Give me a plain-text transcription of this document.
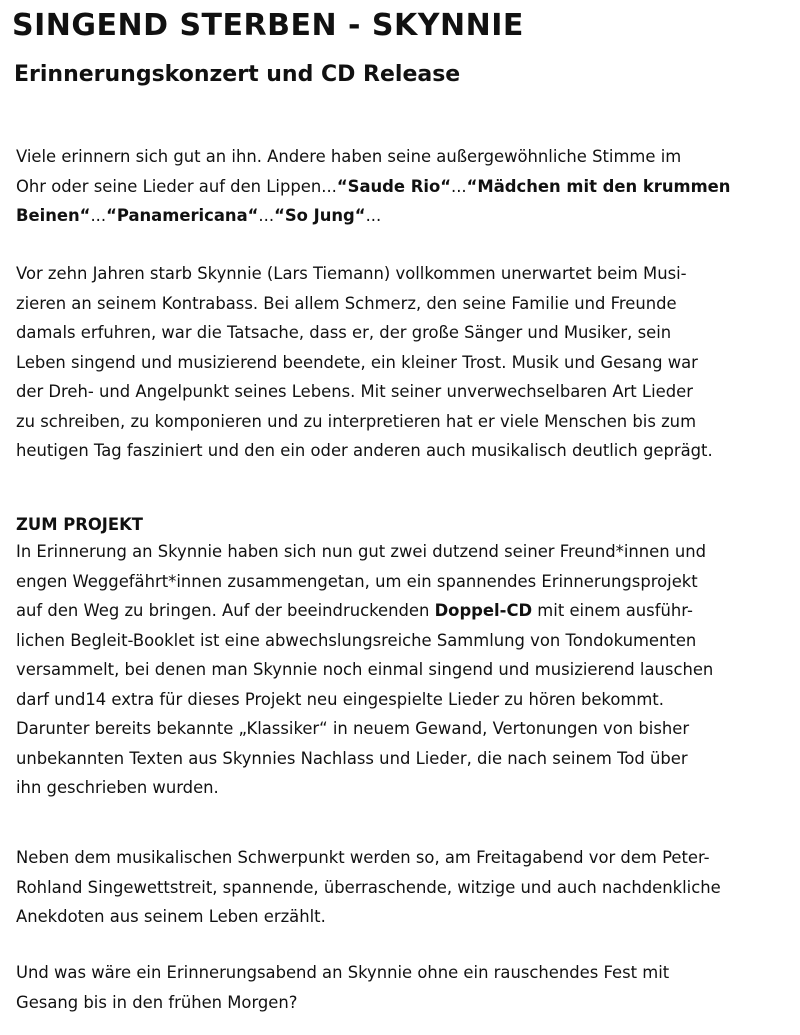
SINGEND STERBEN - SKYNNIE
Erinnerungskonzert und CD Release

Viele erinnern sich gut an ihn. Andere haben seine außergewöhnliche Stimme im
Ohr oder seine Lieder auf den Lippen...“Saude Rio“...“Mädchen mit den krummen
Beinen“...“Panamericana“...“So Jung“...

Vor zehn Jahren starb Skynnie (Lars Tiemann) vollkommen unerwartet beim Musi-
zieren an seinem Kontrabass. Bei allem Schmerz, den seine Familie und Freunde
damals erfuhren, war die Tatsache, dass er, der große Sänger und Musiker, sein
Leben singend und musizierend beendete, ein kleiner Trost. Musik und Gesang war
der Dreh- und Angelpunkt seines Lebens. Mit seiner unverwechselbaren Art Lieder
zu schreiben, zu komponieren und zu interpretieren hat er viele Menschen bis zum
heutigen Tag fasziniert und den ein oder anderen auch musikalisch deutlich geprägt.

ZUM PROJEKT

In Erinnerung an Skynnie haben sich nun gut zwei dutzend seiner Freund*innen und
engen Weggefährt*innen zusammengetan, um ein spannendes Erinnerungsprojekt
auf den Weg zu bringen. Auf der beeindruckenden Doppel-CD mit einem ausführ-
lichen Begleit-Booklet ist eine abwechslungsreiche Sammlung von Tondokumenten
versammelt, bei denen man Skynnie noch einmal singend und musizierend lauschen
darf und14 extra für dieses Projekt neu eingespielte Lieder zu hören bekommt.
Darunter bereits bekannte „Klassiker“ in neuem Gewand, Vertonungen von bisher
unbekannten Texten aus Skynnies Nachlass und Lieder, die nach seinem Tod über
ihn geschrieben wurden.

Neben dem musikalischen Schwerpunkt werden so, am Freitagabend vor dem Peter-
Rohland Singewettstreit, spannende, überraschende, witzige und auch nachdenkliche
Anekdoten aus seinem Leben erzählt.

Und was wäre ein Erinnerungsabend an Skynnie ohne ein rauschendes Fest mit
Gesang bis in den frühen Morgen?
